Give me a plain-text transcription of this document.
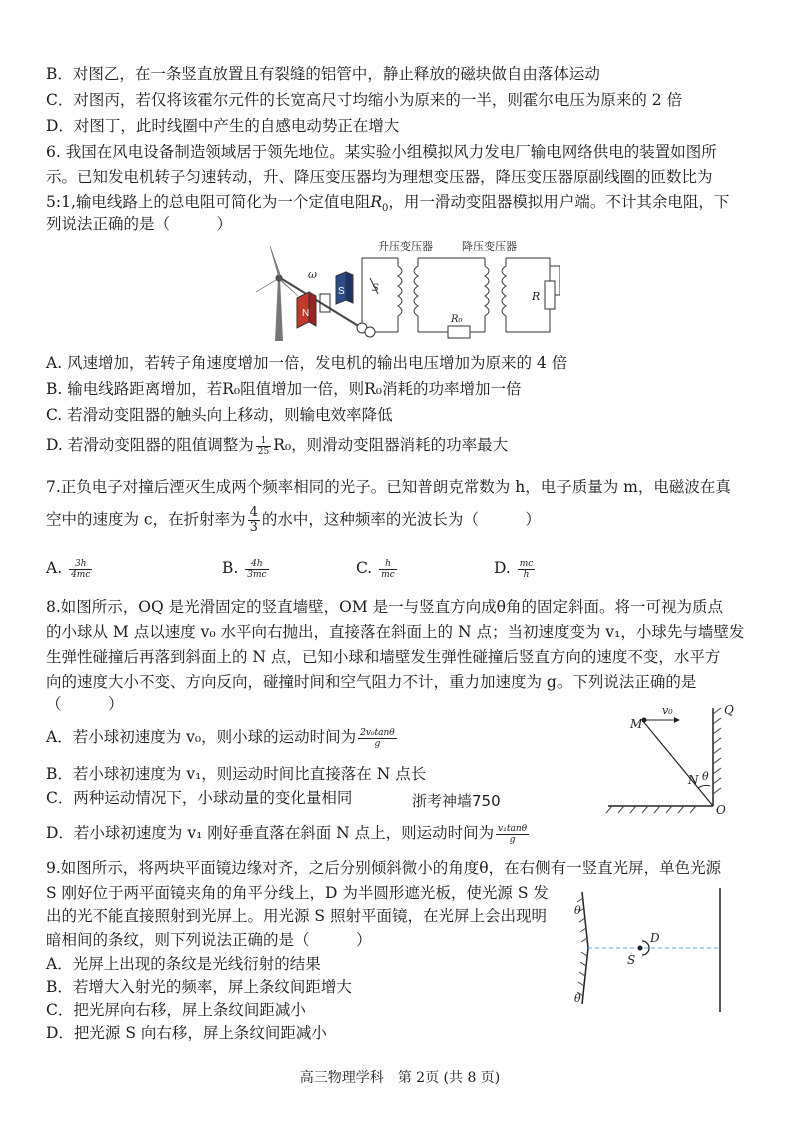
B．对图乙，在一条竖直放置且有裂缝的铝管中，静止释放的磁块做自由落体运动
C．对图丙，若仅将该霍尔元件的长宽高尺寸均缩小为原来的一半，则霍尔电压为原来的 2 倍
D．对图丁，此时线圈中产生的自感电动势正在增大
6. 我国在风电设备制造领域居于领先地位。某实验小组模拟风力发电厂输电网络供电的装置如图所
示。已知发电机转子匀速转动，升、降压变压器均为理想变压器，降压变压器原副线圈的匝数比为
5:1,输电线路上的总电阻可简化为一个定值电阻$R_0$，用一滑动变阻器模拟用户端。不计其余电阻，下
列说法正确的是（　　　）
N
S
ω
S
升压变压器
R₀
降压变压器
R
A. 风速增加，若转子角速度增加一倍，发电机的输出电压增加为原来的 4 倍
B. 输电线路距离增加，若R₀阻值增加一倍，则R₀消耗的功率增加一倍
C. 若滑动变阻器的触头向上移动，则输电效率降低
D. 若滑动变阻器的阻值调整为 $\frac{1}{25} R_0$，则滑动变阻器消耗的功率最大
7.正负电子对撞后湮灭生成两个频率相同的光子。已知普朗克常数为 h，电子质量为 m，电磁波在真
空中的速度为 c，在折射率为 $\frac{4}{3}$ 的水中，这种频率的光波长为（　　　）
A. $\frac{3h}{4mc}$	B. $\frac{4h}{3mc}$	C. $\frac{h}{mc}$	D. $\frac{mc}{h}$
8.如图所示，OQ 是光滑固定的竖直墙壁，OM 是一与竖直方向成θ角的固定斜面。将一可视为质点
的小球从 M 点以速度 v₀ 水平向右抛出，直接落在斜面上的 N 点；当初速度变为 v₁，小球先与墙壁发
生弹性碰撞后再落到斜面上的 N 点，已知小球和墙壁发生弹性碰撞后竖直方向的速度不变，水平方
向的速度大小不变、方向反向，碰撞时间和空气阻力不计，重力加速度为 g。下列说法正确的是
（　　　）
A．若小球初速度为 v₀，则小球的运动时间为 $\frac{\text{2v₀tanθ}}{g}$
B．若小球初速度为 v₁，则运动时间比直接落在 N 点长
C．两种运动情况下，小球动量的变化量相同
D．若小球初速度为 v₁ 刚好垂直落在斜面 N 点上，则运动时间为 $\frac{\text{v₁tanθ}}{g}$
浙考神墙750
M
N
O
Q
v₀
θ
9.如图所示，将两块平面镜边缘对齐，之后分别倾斜微小的角度θ，在右侧有一竖直光屏，单色光源
S 刚好位于两平面镜夹角的角平分线上，D 为半圆形遮光板，使光源 S 发
出的光不能直接照射到光屏上。用光源 S 照射平面镜，在光屏上会出现明
暗相间的条纹，则下列说法正确的是（　　　）
A．光屏上出现的条纹是光线衍射的结果
B．若增大入射光的频率，屏上条纹间距增大
C．把光屏向右移，屏上条纹间距减小
D．把光源 S 向右移，屏上条纹间距减小
θ
θ
S
D
高三物理学科　第 2页 (共 8 页)
